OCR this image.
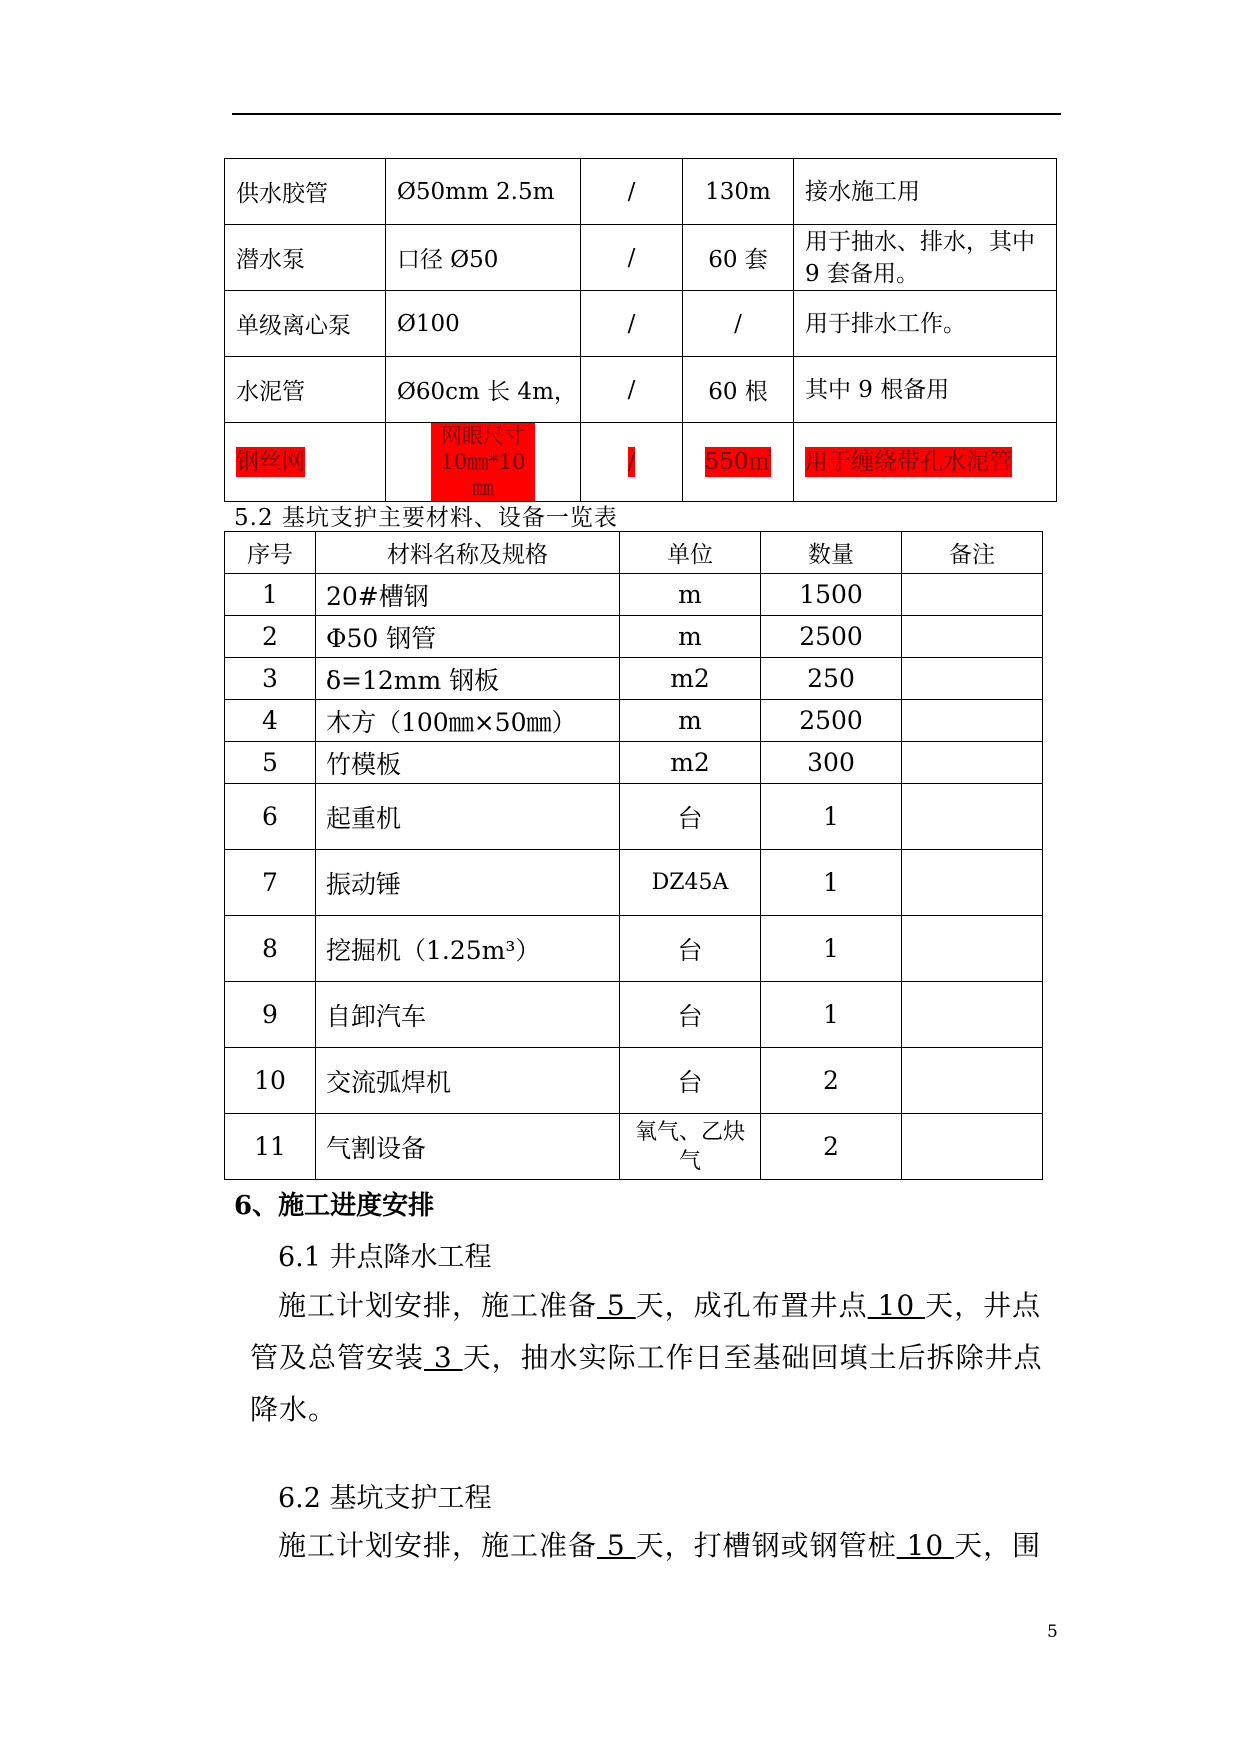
供水胶管	Ø50mm 2.5m	/	130m	接水施工用
潜水泵	口径 Ø50	/	60 套	用于抽水、排水，其中 9 套备用。
单级离心泵	Ø100	/	/	用于排水工作。
水泥管	Ø60cm 长 4m，	/	60 根	其中 9 根备用
钢丝网	网眼尺寸 10㎜*10㎜	/	550㎡	用于缠绕带孔水泥管
5.2 基坑支护主要材料、设备一览表
序号	材料名称及规格	单位	数量	备注
1	20#槽钢	m	1500	
2	Φ50 钢管	m	2500	
3	δ=12mm 钢板	m2	250	
4	木方（100㎜×50㎜）	m	2500	
5	竹模板	m2	300	
6	起重机	台	1	
7	振动锤	DZ45A	1	
8	挖掘机（1.25m³）	台	1	
9	自卸汽车	台	1	
10	交流弧焊机	台	2	
11	气割设备	氧气、乙炔气	2	
6、施工进度安排
6.1 井点降水工程
施工计划安排，施工准备 5 天，成孔布置井点 10 天，井点管及总管安装 3 天，抽水实际工作日至基础回填土后拆除井点降水。
6.2 基坑支护工程
施工计划安排，施工准备 5 天，打槽钢或钢管桩 10 天，围
5
